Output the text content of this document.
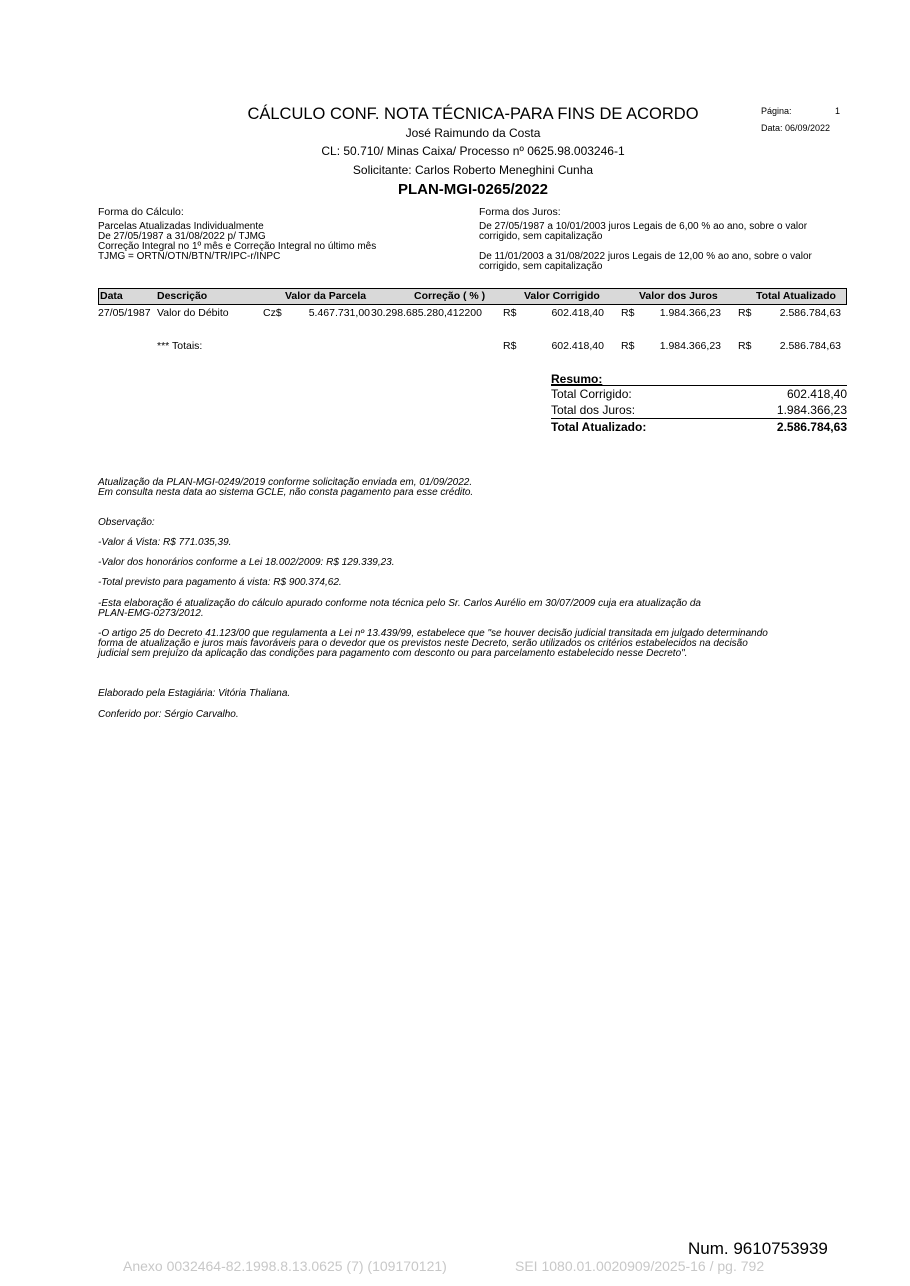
CÁLCULO CONF. NOTA TÉCNICA-PARA FINS DE ACORDO
José Raimundo da Costa
CL: 50.710/ Minas Caixa/ Processo nº 0625.98.003246-1
Solicitante: Carlos Roberto Meneghini Cunha
PLAN-MGI-0265/2022
Página:	1
Data: 06/09/2022
Forma do Cálculo:
Parcelas Atualizadas Individualmente
De 27/05/1987 a 31/08/2022 p/ TJMG
Correção Integral no 1º mês e Correção Integral no último mês
TJMG = ORTN/OTN/BTN/TR/IPC-r/INPC
Forma dos Juros:
De 27/05/1987 a 10/01/2003 juros Legais de 6,00 % ao ano, sobre o valor
corrigido, sem capitalização
De 11/01/2003 a 31/08/2022 juros Legais de 12,00 % ao ano, sobre o valor
corrigido, sem capitalização
Data	Descrição	Valor da Parcela	Correção ( % )	Valor Corrigido	Valor dos Juros	Total Atualizado
27/05/1987 Valor do Débito	Cz$	5.467.731,00 30.298.685.280,412200 R$	602.418,40 R$	1.984.366,23 R$	2.586.784,63
*** Totais:	R$	602.418,40 R$	1.984.366,23 R$	2.586.784,63
Resumo:
Total Corrigido:	602.418,40
Total dos Juros:	1.984.366,23
Total Atualizado:	2.586.784,63
Atualização da PLAN-MGI-0249/2019 conforme solicitação enviada em, 01/09/2022.
Em consulta nesta data ao sistema GCLE, não consta pagamento para esse crédito.
Observação:
-Valor á Vista: R$ 771.035,39.
-Valor dos honorários conforme a Lei 18.002/2009: R$ 129.339,23.
-Total previsto para pagamento á vista: R$ 900.374,62.
-Esta elaboração é atualização do cálculo apurado conforme nota técnica pelo Sr. Carlos Aurélio em 30/07/2009 cuja era atualização da
PLAN-EMG-0273/2012.
-O artigo 25 do Decreto 41.123/00 que regulamenta a Lei nº 13.439/99, estabelece que "se houver decisão judicial transitada em julgado determinando
forma de atualização e juros mais favoráveis para o devedor que os previstos neste Decreto, serão utilizados os critérios estabelecidos na decisão
judicial sem prejuízo da aplicação das condições para pagamento com desconto ou para parcelamento estabelecido nesse Decreto".
Elaborado pela Estagiária: Vitória Thaliana.
Conferido por: Sérgio Carvalho.
Num. 9610753939
Anexo 0032464-82.1998.8.13.0625 (7) (109170121)	SEI 1080.01.0020909/2025-16 / pg. 792
